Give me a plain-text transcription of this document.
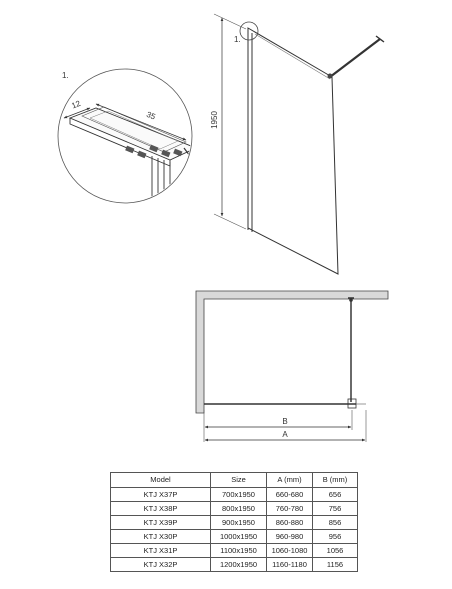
1.
1950
1.
12
35
B
A
Model	Size	A (mm)	B (mm)
KTJ X37P	700x1950	660-680	656
KTJ X38P	800x1950	760-780	756
KTJ X39P	900x1950	860-880	856
KTJ X30P	1000x1950	960-980	956
KTJ X31P	1100x1950	1060-1080	1056
KTJ X32P	1200x1950	1160-1180	1156
